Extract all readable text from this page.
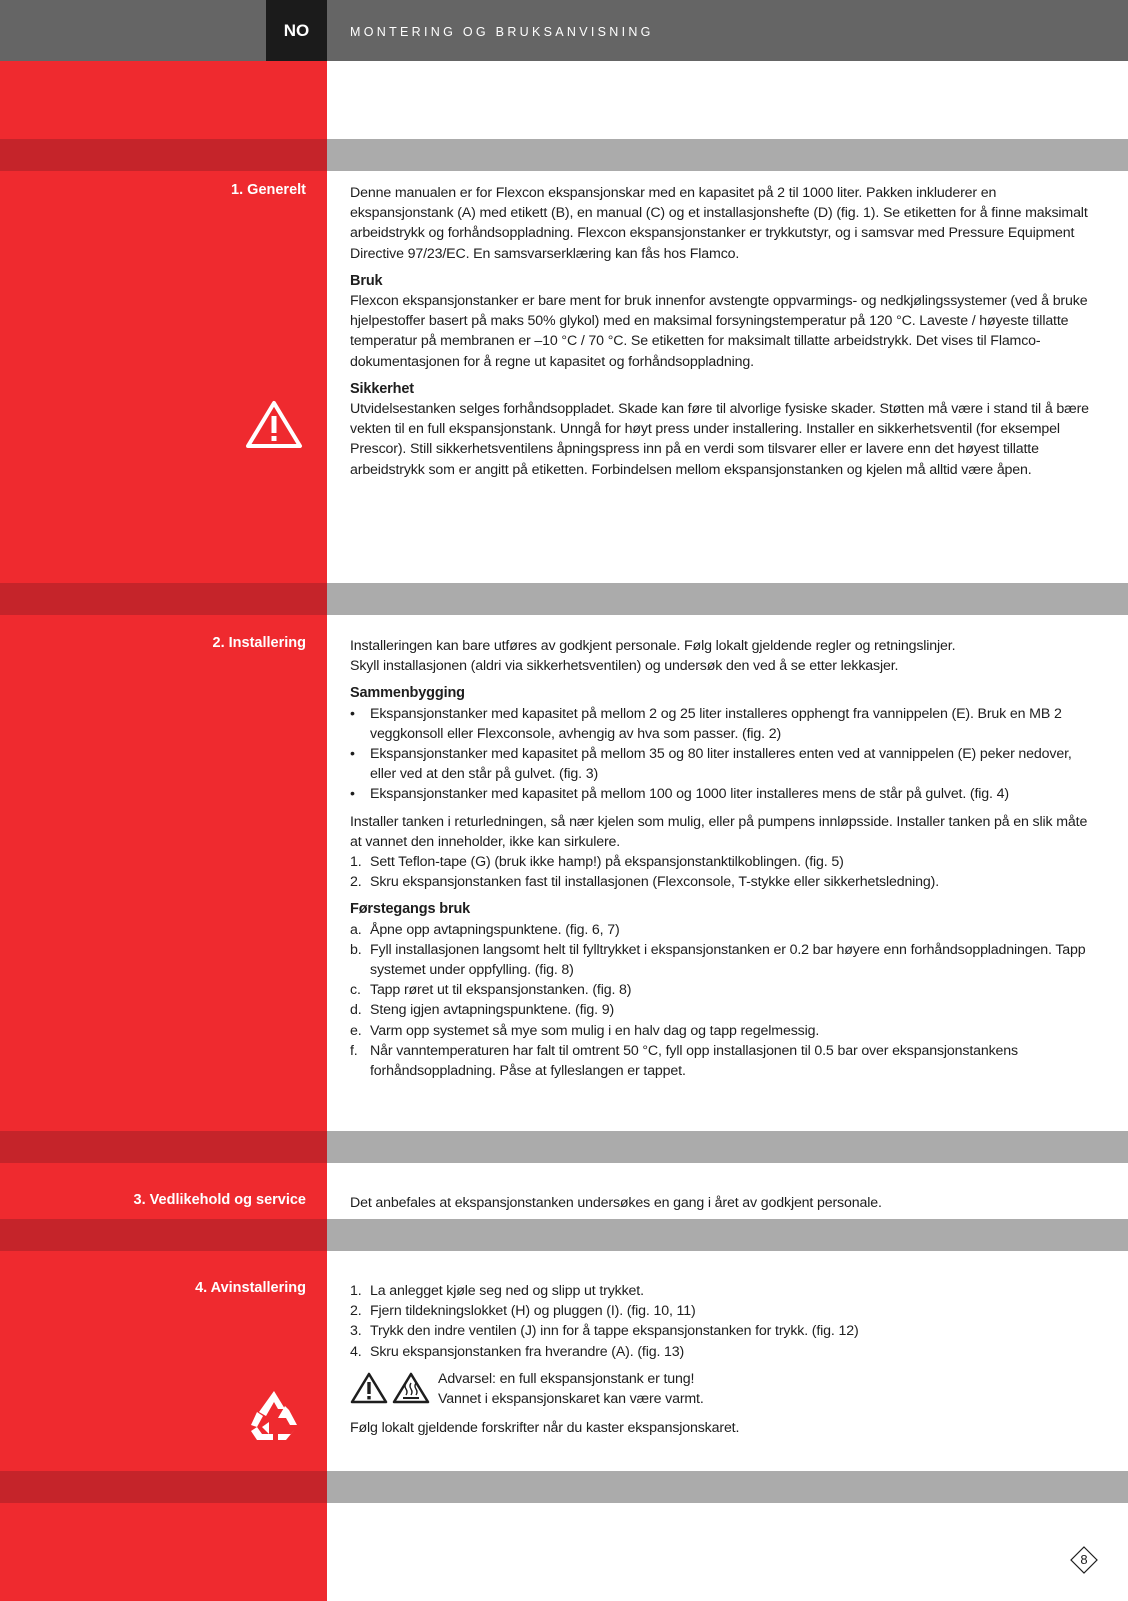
NO	MONTERING OG BRUKSANVISNING
1. Generelt
2. Installering
3. Vedlikehold og service
4. Avinstallering

Denne manualen er for Flexcon ekspansjonskar med en kapasitet på 2 til 1000 liter. Pakken inkluderer en ekspansjonstank (A) med etikett (B), en manual (C) og et installasjonshefte (D) (fig. 1). Se etiketten for å finne maksimalt arbeidstrykk og forhåndsoppladning. Flexcon ekspansjonstanker er trykkutstyr, og i samsvar med Pressure Equipment Directive 97/23/EC. En samsvarserklæring kan fås hos Flamco.

Bruk

Flexcon ekspansjonstanker er bare ment for bruk innenfor avstengte oppvarmings- og nedkjølingssystemer (ved å bruke hjelpestoffer basert på maks 50% glykol) med en maksimal forsyningstemperatur på 120 °C. Laveste / høyeste tillatte temperatur på membranen er –10 °C / 70 °C. Se etiketten for maksimalt tillatte arbeidstrykk. Det vises til Flamco-dokumentasjonen for å regne ut kapasitet og forhåndsoppladning.

Sikkerhet

Utvidelsestanken selges forhåndsoppladet. Skade kan føre til alvorlige fysiske skader. Støtten må være i stand til å bære vekten til en full ekspansjonstank. Unngå for høyt press under installering. Installer en sikkerhetsventil (for eksempel Prescor). Still sikkerhetsventilens åpningspress inn på en verdi som tilsvarer eller er lavere enn det høyest tillatte arbeidstrykk som er angitt på etiketten. Forbindelsen mellom ekspansjonstanken og kjelen må alltid være åpen.

Installeringen kan bare utføres av godkjent personale. Følg lokalt gjeldende regler og retningslinjer.

Skyll installasjonen (aldri via sikkerhetsventilen) og undersøk den ved å se etter lekkasjer.

Sammenbygging
• Ekspansjonstanker med kapasitet på mellom 2 og 25 liter installeres opphengt fra vannippelen (E). Bruk en MB 2 veggkonsoll eller Flexconsole, avhengig av hva som passer. (fig. 2)
• Ekspansjonstanker med kapasitet på mellom 35 og 80 liter installeres enten ved at vannippelen (E) peker nedover, eller ved at den står på gulvet. (fig. 3)
• Ekspansjonstanker med kapasitet på mellom 100 og 1000 liter installeres mens de står på gulvet. (fig. 4)

Installer tanken i returledningen, så nær kjelen som mulig, eller på pumpens innløpsside. Installer tanken på en slik måte at vannet den inneholder, ikke kan sirkulere.

1. Sett Teflon-tape (G) (bruk ikke hamp!) på ekspansjonstanktilkoblingen. (fig. 5)
2. Skru ekspansjonstanken fast til installasjonen (Flexconsole, T-stykke eller sikkerhetsledning).
Førstegangs bruk
a. Åpne opp avtapningspunktene. (fig. 6, 7)
b. Fyll installasjonen langsomt helt til fylltrykket i ekspansjonstanken er 0.2 bar høyere enn forhåndsoppladningen. Tapp systemet under oppfylling. (fig. 8)
c. Tapp røret ut til ekspansjonstanken. (fig. 8)
d. Steng igjen avtapningspunktene. (fig. 9)
e. Varm opp systemet så mye som mulig i en halv dag og tapp regelmessig.
f. Når vanntemperaturen har falt til omtrent 50 °C, fyll opp installasjonen til 0.5 bar over ekspansjonstankens forhåndsoppladning. Påse at fylleslangen er tappet.

Det anbefales at ekspansjonstanken undersøkes en gang i året av godkjent personale.

1. La anlegget kjøle seg ned og slipp ut trykket.
2. Fjern tildekningslokket (H) og pluggen (I). (fig. 10, 11)
3. Trykk den indre ventilen (J) inn for å tappe ekspansjonstanken for trykk. (fig. 12)
4. Skru ekspansjonstanken fra hverandre (A). (fig. 13)

Advarsel: en full ekspansjonstank er tung!

Vannet i ekspansjonskaret kan være varmt.

Følg lokalt gjeldende forskrifter når du kaster ekspansjonskaret.

8
